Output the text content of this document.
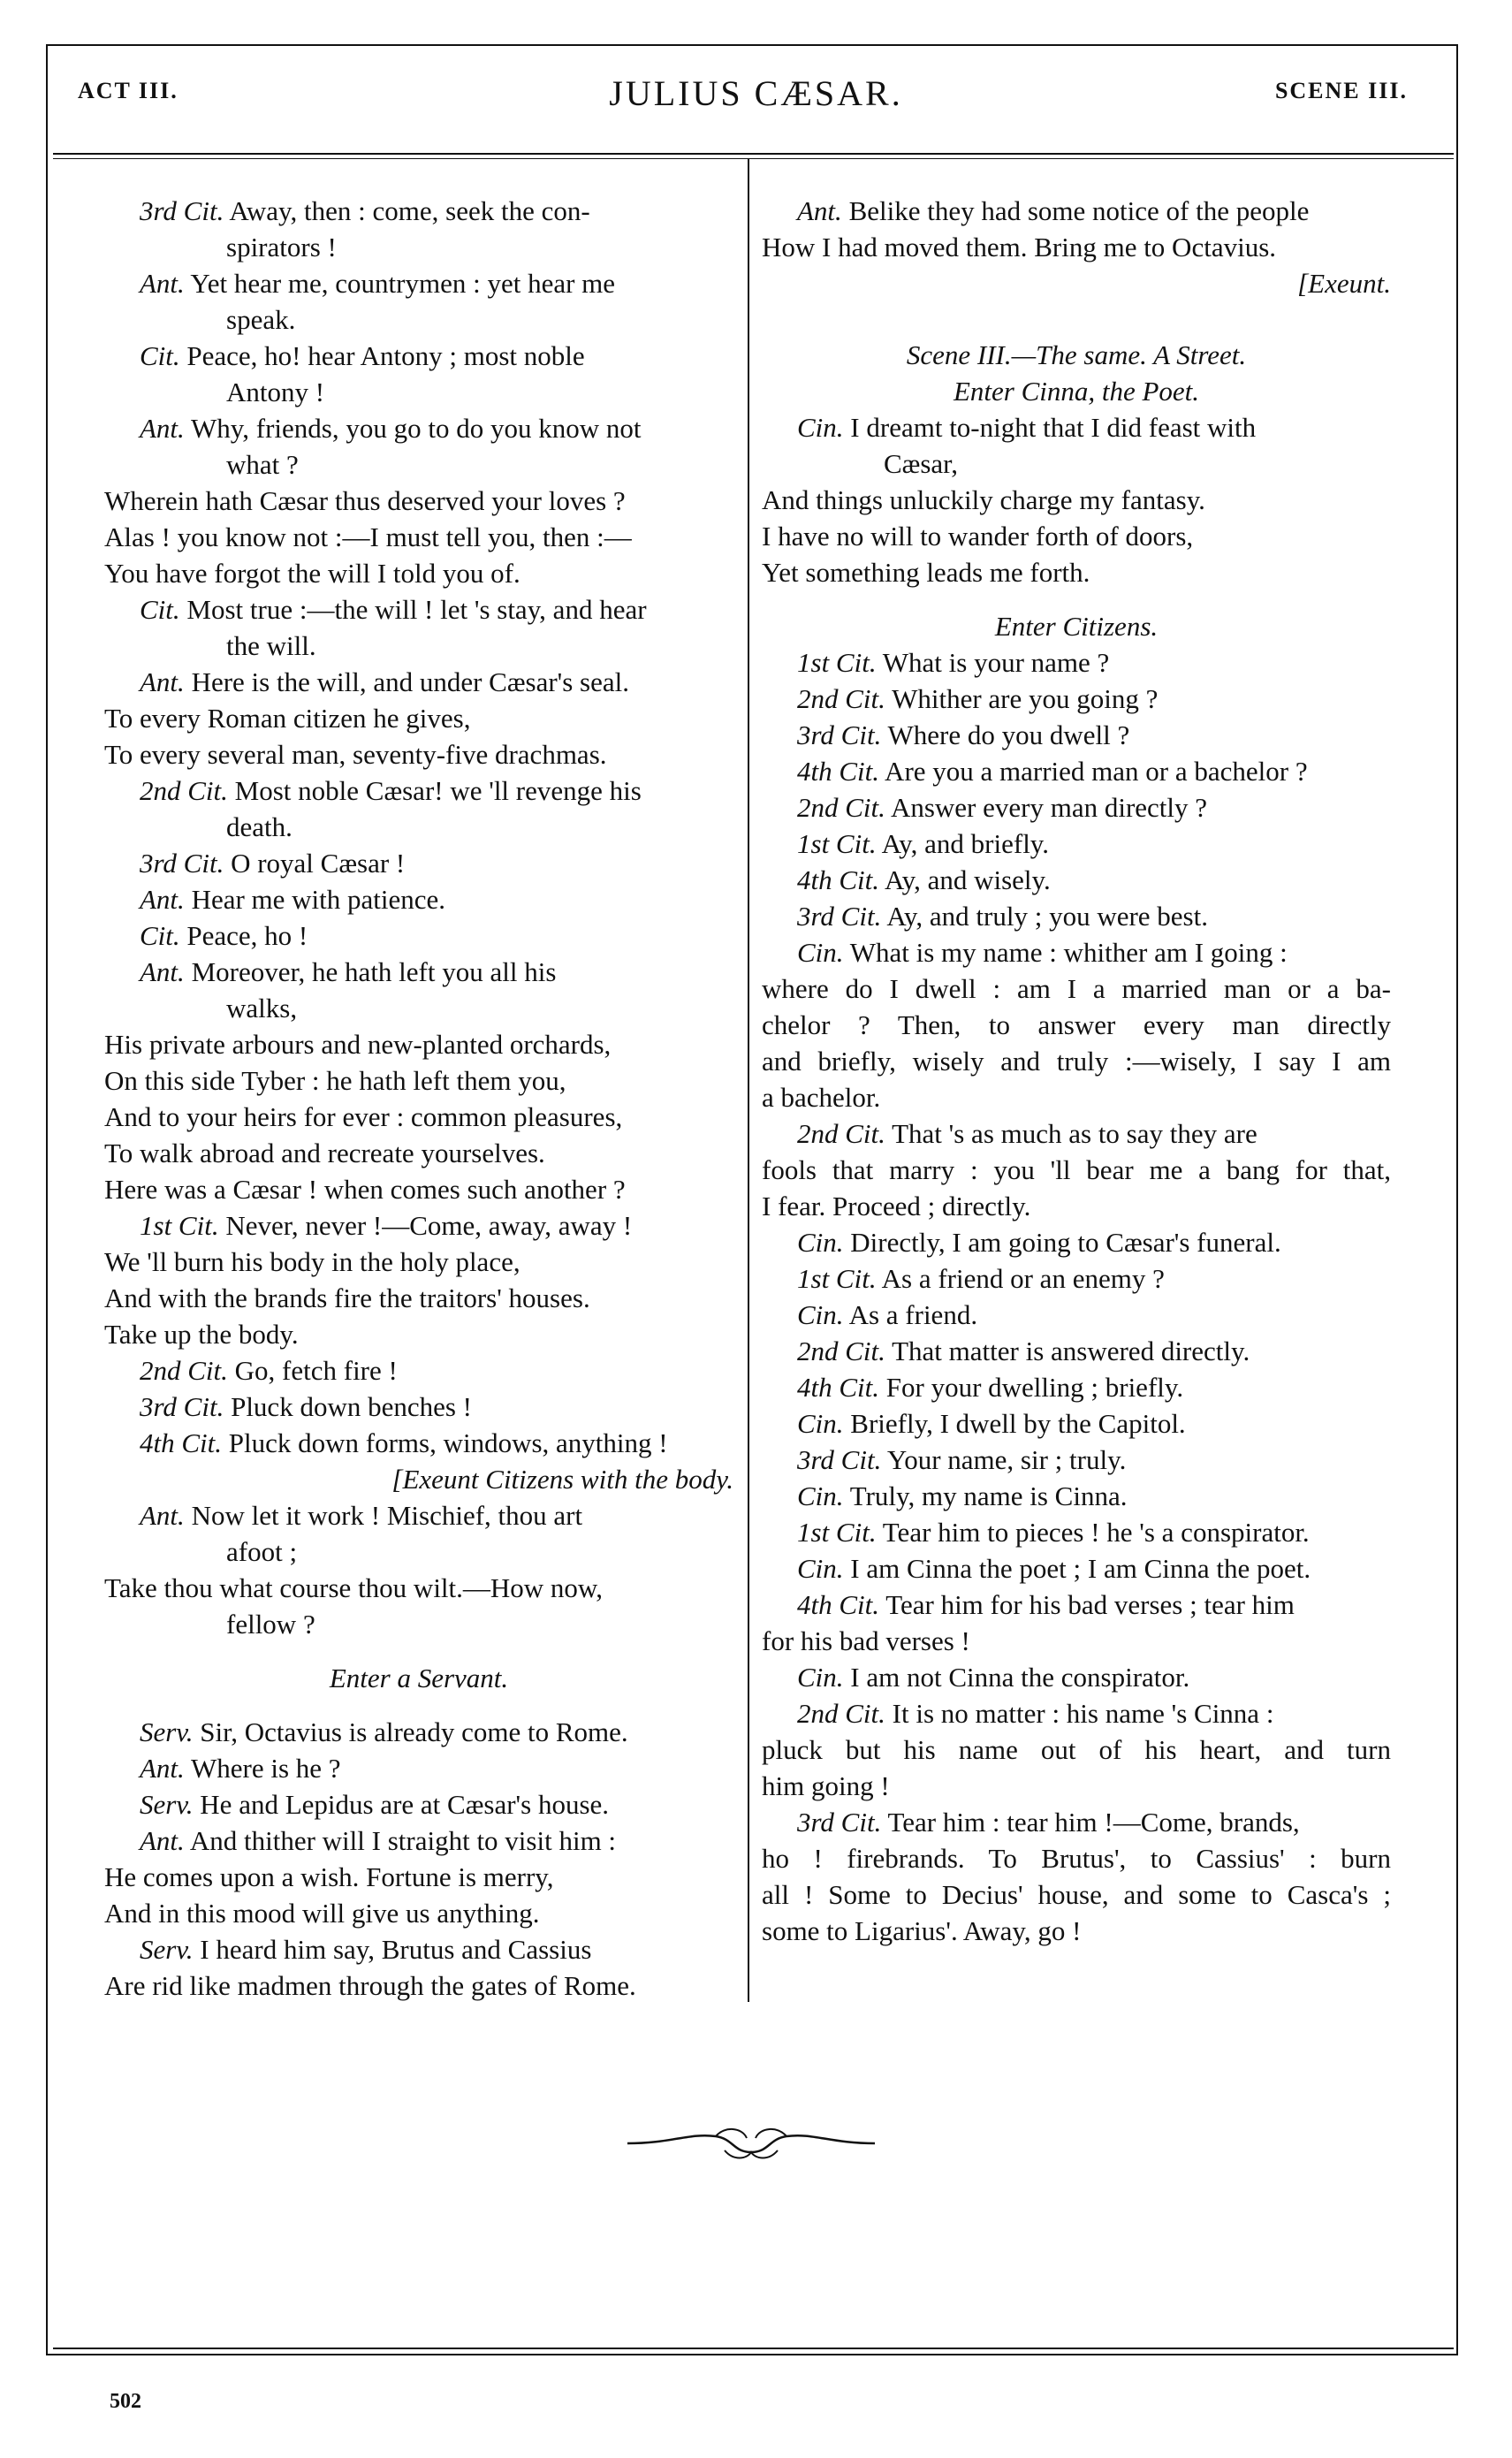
ACT III.	JULIUS CÆSAR.	SCENE III.
3rd Cit. Away, then : come, seek the con-
spirators !
Ant. Yet hear me, countrymen : yet hear me
speak.
Cit. Peace, ho! hear Antony ; most noble
Antony !
Ant. Why, friends, you go to do you know not
what ?
Wherein hath Cæsar thus deserved your loves ?
Alas ! you know not :—I must tell you, then :—
You have forgot the will I told you of.
Cit. Most true :—the will ! let 's stay, and hear
the will.
Ant. Here is the will, and under Cæsar's seal.
To every Roman citizen he gives,
To every several man, seventy-five drachmas.
2nd Cit. Most noble Cæsar! we 'll revenge his
death.
3rd Cit. O royal Cæsar !
Ant. Hear me with patience.
Cit. Peace, ho !
Ant. Moreover, he hath left you all his
walks,
His private arbours and new-planted orchards,
On this side Tyber : he hath left them you,
And to your heirs for ever : common pleasures,
To walk abroad and recreate yourselves.
Here was a Cæsar ! when comes such another ?
1st Cit. Never, never !—Come, away, away !
We 'll burn his body in the holy place,
And with the brands fire the traitors' houses.
Take up the body.
2nd Cit. Go, fetch fire !
3rd Cit. Pluck down benches !
4th Cit. Pluck down forms, windows, anything !
[Exeunt Citizens with the body.
Ant. Now let it work ! Mischief, thou art
afoot ;
Take thou what course thou wilt.—How now,
fellow ?
Enter a Servant.
Serv. Sir, Octavius is already come to Rome.
Ant. Where is he ?
Serv. He and Lepidus are at Cæsar's house.
Ant. And thither will I straight to visit him :
He comes upon a wish. Fortune is merry,
And in this mood will give us anything.
Serv. I heard him say, Brutus and Cassius
Are rid like madmen through the gates of Rome.
Ant. Belike they had some notice of the people
How I had moved them. Bring me to Octavius.
[Exeunt.
Scene III.—The same. A Street.
Enter Cinna, the Poet.
Cin. I dreamt to-night that I did feast with
Cæsar,
And things unluckily charge my fantasy.
I have no will to wander forth of doors,
Yet something leads me forth.
Enter Citizens.
1st Cit. What is your name ?
2nd Cit. Whither are you going ?
3rd Cit. Where do you dwell ?
4th Cit. Are you a married man or a bachelor ?
2nd Cit. Answer every man directly ?
1st Cit. Ay, and briefly.
4th Cit. Ay, and wisely.
3rd Cit. Ay, and truly ; you were best.
Cin. What is my name : whither am I going :
where do I dwell : am I a married man or a ba-
chelor ? Then, to answer every man directly
and briefly, wisely and truly :—wisely, I say I am
a bachelor.
2nd Cit. That 's as much as to say they are
fools that marry : you 'll bear me a bang for that,
I fear. Proceed ; directly.
Cin. Directly, I am going to Cæsar's funeral.
1st Cit. As a friend or an enemy ?
Cin. As a friend.
2nd Cit. That matter is answered directly.
4th Cit. For your dwelling ; briefly.
Cin. Briefly, I dwell by the Capitol.
3rd Cit. Your name, sir ; truly.
Cin. Truly, my name is Cinna.
1st Cit. Tear him to pieces ! he 's a conspirator.
Cin. I am Cinna the poet ; I am Cinna the poet.
4th Cit. Tear him for his bad verses ; tear him
for his bad verses !
Cin. I am not Cinna the conspirator.
2nd Cit. It is no matter : his name 's Cinna :
pluck but his name out of his heart, and turn
him going !
3rd Cit. Tear him : tear him !—Come, brands,
ho ! firebrands. To Brutus', to Cassius' : burn
all ! Some to Decius' house, and some to Casca's ;
some to Ligarius'. Away, go !
502
